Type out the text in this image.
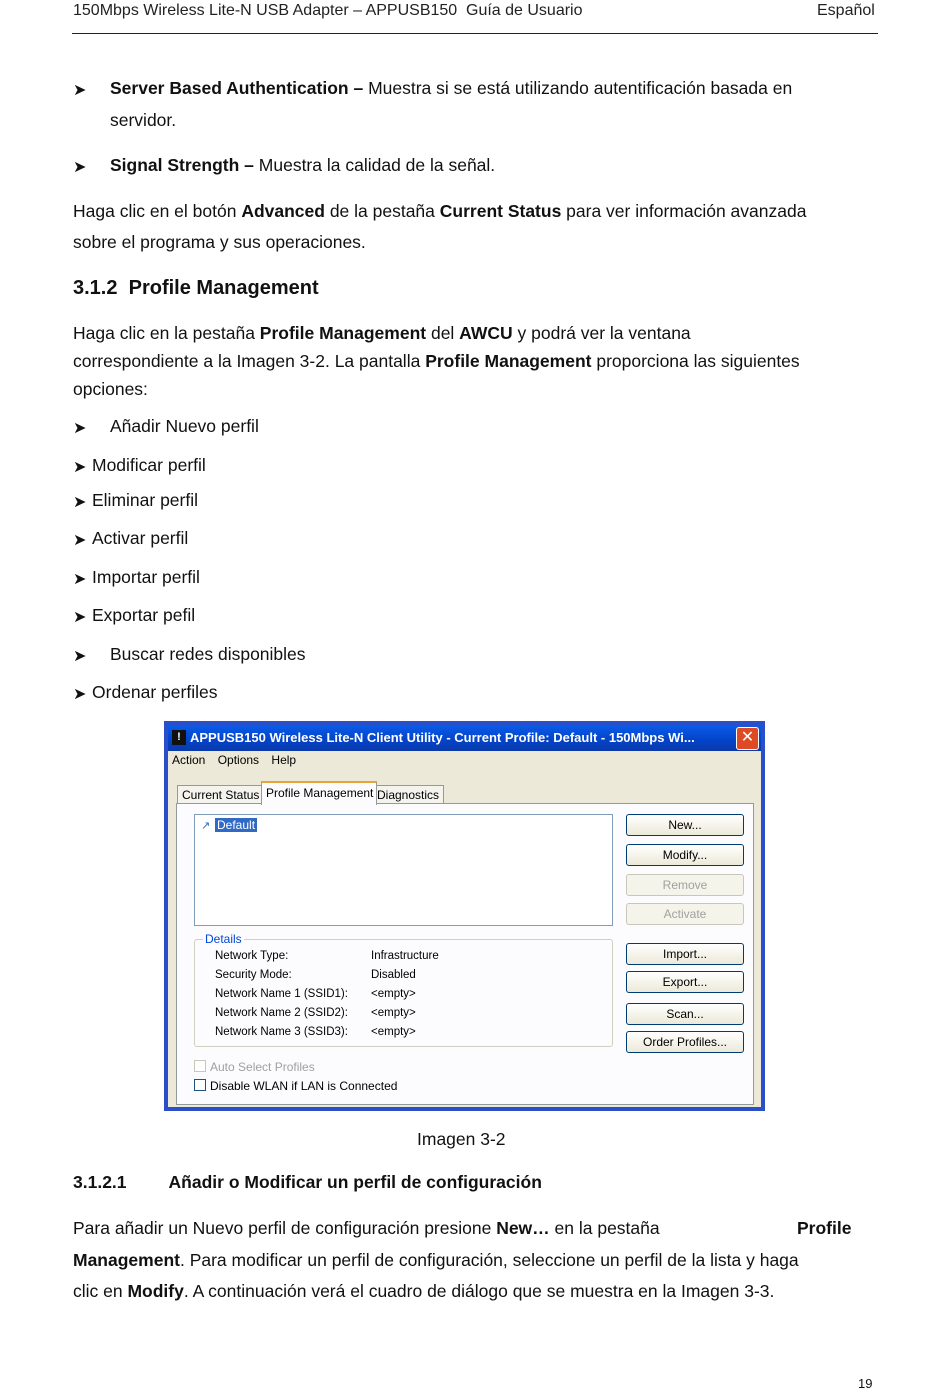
150Mbps Wireless Lite-N USB Adapter – APPUSB150 Guía de Usuario	Español
➤ Server Based Authentication – Muestra si se está utilizando autentificación basada en
servidor.
➤ Signal Strength – Muestra la calidad de la señal.
Haga clic en el botón Advanced de la pestaña Current Status para ver información avanzada
sobre el programa y sus operaciones.
3.1.2 Profile Management
Haga clic en la pestaña Profile Management del AWCU y podrá ver la ventana
correspondiente a la Imagen 3-2. La pantalla Profile Management proporciona las siguientes
opciones:
➤ Añadir Nuevo perfil
➤ Modificar perfil
➤ Eliminar perfil
➤ Activar perfil
➤ Importar perfil
➤ Exportar pefil
➤ Buscar redes disponibles
➤ Ordenar perfiles
! APPUSB150 Wireless Lite-N Client Utility - Current Profile: Default - 150Mbps Wi...	✕
Action Options Help
Current Status Profile Management Diagnostics
↗ Default	New...
Modify...
Remove
Activate
Import...
Export...
Scan...
Order Profiles...
Details
Network Type:	Infrastructure
Security Mode:	Disabled
Network Name 1 (SSID1): <empty>
Network Name 2 (SSID2): <empty>
Network Name 3 (SSID3): <empty>
Auto Select Profiles
Disable WLAN if LAN is Connected
Imagen 3-2
3.1.2.1 Añadir o Modificar un perfil de configuración
Para añadir un Nuevo perfil de configuración presione New… en la pestaña	Profile
Management. Para modificar un perfil de configuración, seleccione un perfil de la lista y haga
clic en Modify. A continuación verá el cuadro de diálogo que se muestra en la Imagen 3-3.
19
